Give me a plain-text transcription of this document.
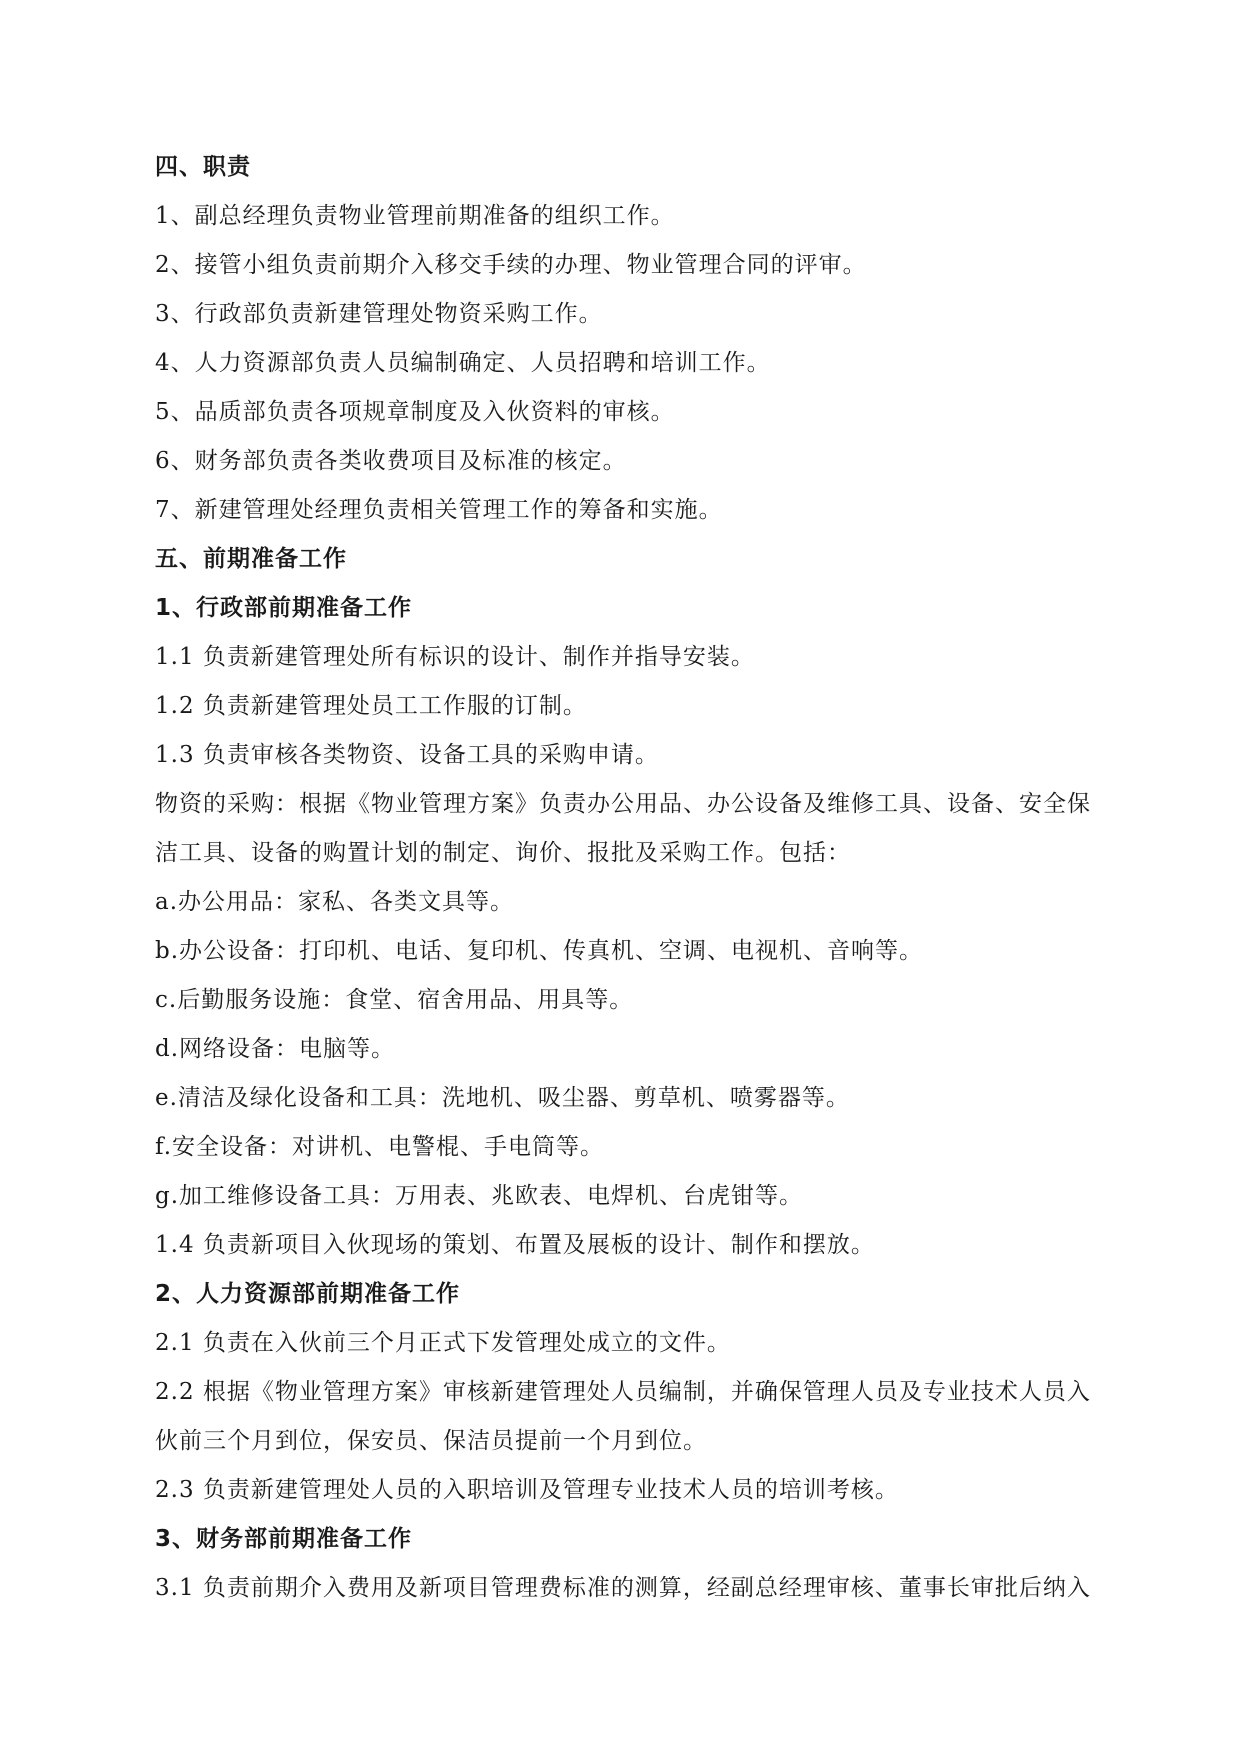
四、职责
1、副总经理负责物业管理前期准备的组织工作。
2、接管小组负责前期介入移交手续的办理、物业管理合同的评审。
3、行政部负责新建管理处物资采购工作。
4、人力资源部负责人员编制确定、人员招聘和培训工作。
5、品质部负责各项规章制度及入伙资料的审核。
6、财务部负责各类收费项目及标准的核定。
7、新建管理处经理负责相关管理工作的筹备和实施。
五、前期准备工作
1、行政部前期准备工作
1.1 负责新建管理处所有标识的设计、制作并指导安装。
1.2 负责新建管理处员工工作服的订制。
1.3 负责审核各类物资、设备工具的采购申请。
物资的采购：根据《物业管理方案》负责办公用品、办公设备及维修工具、设备、安全保
洁工具、设备的购置计划的制定、询价、报批及采购工作。包括：
a.办公用品：家私、各类文具等。
b.办公设备：打印机、电话、复印机、传真机、空调、电视机、音响等。
c.后勤服务设施：食堂、宿舍用品、用具等。
d.网络设备：电脑等。
e.清洁及绿化设备和工具：洗地机、吸尘器、剪草机、喷雾器等。
f.安全设备：对讲机、电警棍、手电筒等。
g.加工维修设备工具：万用表、兆欧表、电焊机、台虎钳等。
1.4 负责新项目入伙现场的策划、布置及展板的设计、制作和摆放。
2、人力资源部前期准备工作
2.1 负责在入伙前三个月正式下发管理处成立的文件。
2.2 根据《物业管理方案》审核新建管理处人员编制，并确保管理人员及专业技术人员入
伙前三个月到位，保安员、保洁员提前一个月到位。
2.3 负责新建管理处人员的入职培训及管理专业技术人员的培训考核。
3、财务部前期准备工作
3.1 负责前期介入费用及新项目管理费标准的测算，经副总经理审核、董事长审批后纳入
